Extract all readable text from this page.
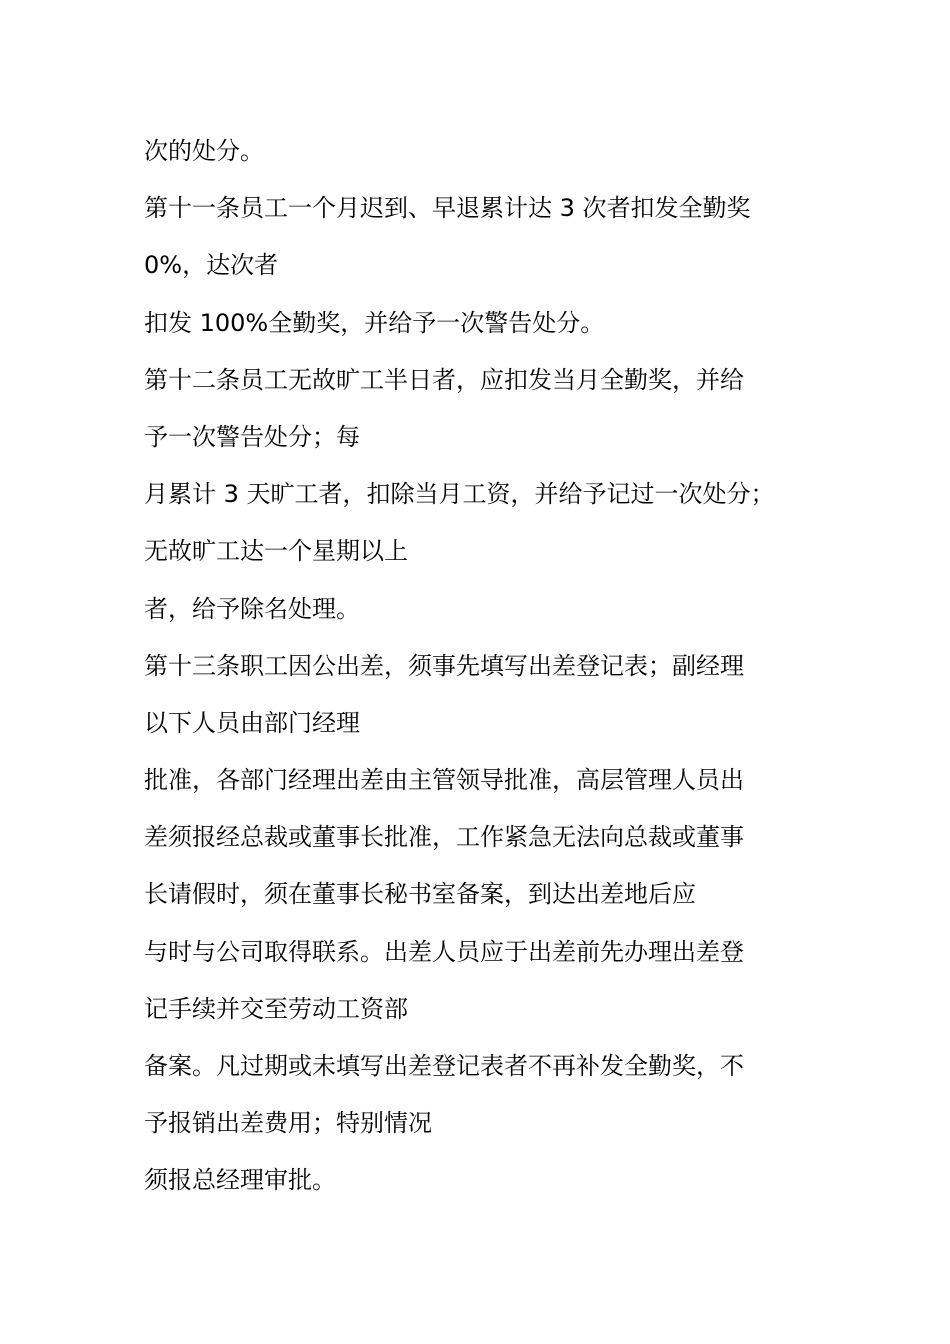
次的处分。
第十一条员工一个月迟到、早退累计达 3 次者扣发全勤奖
0%，达次者
扣发 100%全勤奖，并给予一次警告处分。
第十二条员工无故旷工半日者，应扣发当月全勤奖，并给
予一次警告处分；每
月累计 3 天旷工者，扣除当月工资，并给予记过一次处分；
无故旷工达一个星期以上
者，给予除名处理。
第十三条职工因公出差，须事先填写出差登记表；副经理
以下人员由部门经理
批准，各部门经理出差由主管领导批准，高层管理人员出
差须报经总裁或董事长批准，工作紧急无法向总裁或董事
长请假时，须在董事长秘书室备案，到达出差地后应
与时与公司取得联系。出差人员应于出差前先办理出差登
记手续并交至劳动工资部
备案。凡过期或未填写出差登记表者不再补发全勤奖，不
予报销出差费用；特别情况
须报总经理审批。
